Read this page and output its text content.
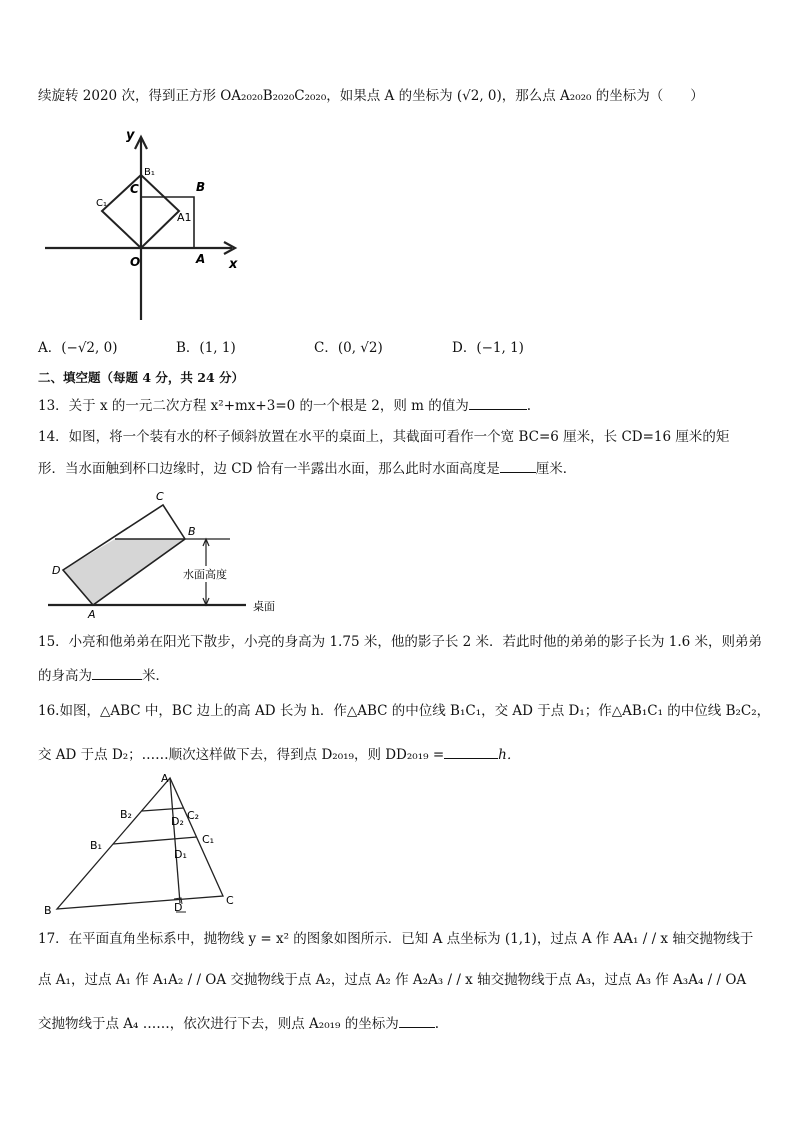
续旋转 2020 次，得到正方形 OA₂₀₂₀B₂₀₂₀C₂₀₂₀，如果点 A 的坐标为 (√2, 0)，那么点 A₂₀₂₀ 的坐标为（　　）
y
x
O	A
B
C
B₁
C₁
A1
A．(−√2, 0)	B．(1, 1)	C．(0, √2)	D．(−1, 1)
二、填空题（每题 4 分，共 24 分）
13．关于 x 的一元二次方程 x²+mx+3=0 的一个根是 2，则 m 的值为	.
14．如图，将一个装有水的杯子倾斜放置在水平的桌面上，其截面可看作一个宽 BC=6 厘米，长 CD=16 厘米的矩
形．当水面触到杯口边缘时，边 CD 恰有一半露出水面，那么此时水面高度是	厘米．
水面高度
桌面
C
B
D
A
15．小亮和他弟弟在阳光下散步，小亮的身高为 1.75 米，他的影子长 2 米．若此时他的弟弟的影子长为 1.6 米，则弟弟
的身高为	米．
16.如图，△ABC 中，BC 边上的高 AD 长为 h．作△ABC 的中位线 B₁C₁，交 AD 于点 D₁；作△AB₁C₁ 的中位线 B₂C₂，
交 AD 于点 D₂；……顺次这样做下去，得到点 D₂₀₁₉，则 DD₂₀₁₉ =	h．
A
B
C
D
B₁	C₁
B₂	C₂
D₁
D₂
17．在平面直角坐标系中，抛物线 y = x² 的图象如图所示．已知 A 点坐标为 (1,1)，过点 A 作 AA₁ / / x 轴交抛物线于
点 A₁，过点 A₁ 作 A₁A₂ / / OA 交抛物线于点 A₂，过点 A₂ 作 A₂A₃ / / x 轴交抛物线于点 A₃，过点 A₃ 作 A₃A₄ / / OA
交抛物线于点 A₄ ……，依次进行下去，则点 A₂₀₁₉ 的坐标为	.
